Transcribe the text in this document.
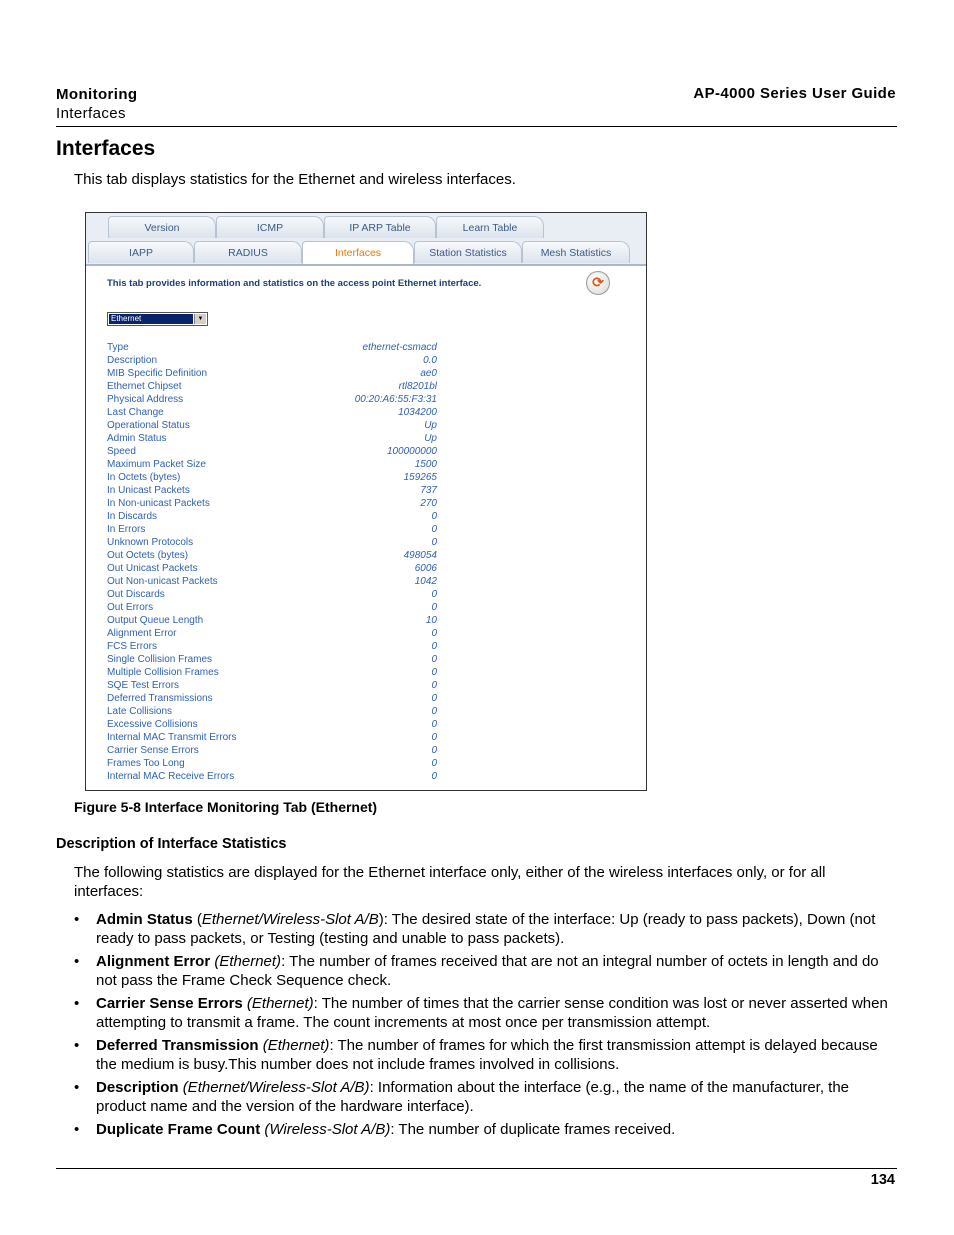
Monitoring
Interfaces
AP-4000 Series User Guide
Interfaces
This tab displays statistics for the Ethernet and wireless interfaces.
Version	ICMP	IP ARP Table	Learn Table
IAPP	RADIUS	Interfaces	Station Statistics	Mesh Statistics
This tab provides information and statistics on the access point Ethernet interface.	⟳
Ethernet	▼
Type	ethernet-csmacd
Description	0.0
MIB Specific Definition	ae0
Ethernet Chipset	rtl8201bl
Physical Address	00:20:A6:55:F3:31
Last Change	1034200
Operational Status	Up
Admin Status	Up
Speed	100000000
Maximum Packet Size	1500
In Octets (bytes)	159265
In Unicast Packets	737
In Non-unicast Packets	270
In Discards	0
In Errors	0
Unknown Protocols	0
Out Octets (bytes)	498054
Out Unicast Packets	6006
Out Non-unicast Packets	1042
Out Discards	0
Out Errors	0
Output Queue Length	10
Alignment Error	0
FCS Errors	0
Single Collision Frames	0
Multiple Collision Frames	0
SQE Test Errors	0
Deferred Transmissions	0
Late Collisions	0
Excessive Collisions	0
Internal MAC Transmit Errors	0
Carrier Sense Errors	0
Frames Too Long	0
Internal MAC Receive Errors	0
Figure 5-8 Interface Monitoring Tab (Ethernet)
Description of Interface Statistics
The following statistics are displayed for the Ethernet interface only, either of the wireless interfaces only, or for all interfaces:
• Admin Status (Ethernet/Wireless-Slot A/B): The desired state of the interface: Up (ready to pass packets), Down (not ready to pass packets, or Testing (testing and unable to pass packets).
• Alignment Error (Ethernet): The number of frames received that are not an integral number of octets in length and do not pass the Frame Check Sequence check.
• Carrier Sense Errors (Ethernet): The number of times that the carrier sense condition was lost or never asserted when attempting to transmit a frame. The count increments at most once per transmission attempt.
• Deferred Transmission (Ethernet): The number of frames for which the first transmission attempt is delayed because the medium is busy.This number does not include frames involved in collisions.
• Description (Ethernet/Wireless-Slot A/B): Information about the interface (e.g., the name of the manufacturer, the product name and the version of the hardware interface).
• Duplicate Frame Count (Wireless-Slot A/B): The number of duplicate frames received.
134
